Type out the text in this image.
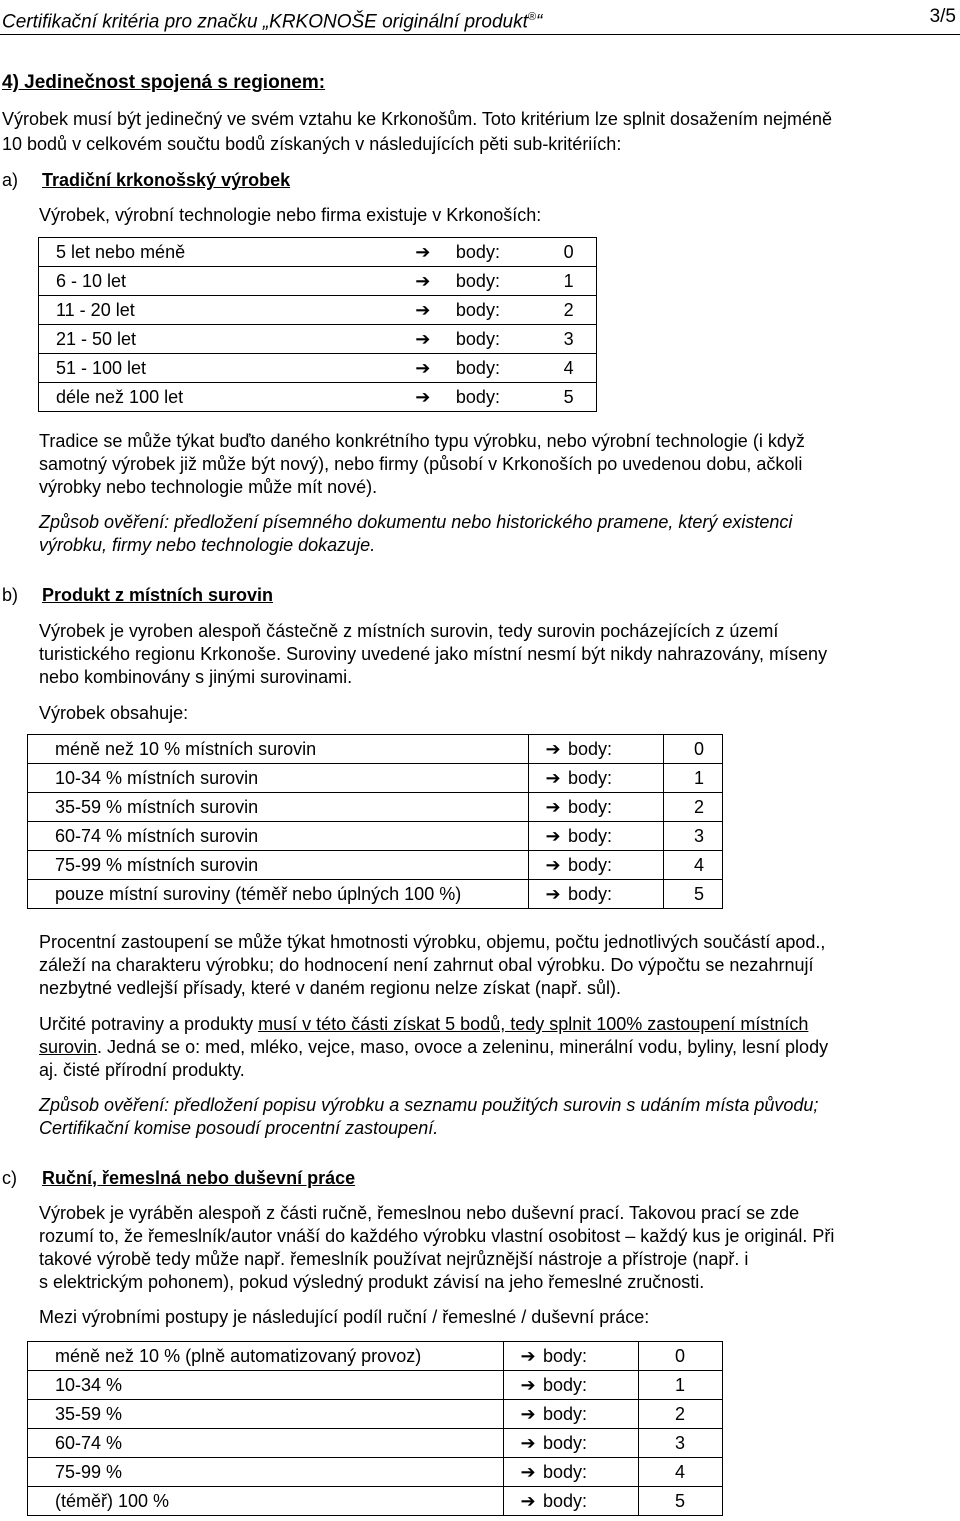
Certifikační kritéria pro značku „KRKONOŠE originální produkt®“	3/5
4) Jedinečnost spojená s regionem:
Výrobek musí být jedinečný ve svém vztahu ke Krkonošům. Toto kritérium lze splnit dosažením nejméně
10 bodů v celkovém součtu bodů získaných v následujících pěti sub-kritériích:
a) Tradiční krkonošský výrobek
Výrobek, výrobní technologie nebo firma existuje v Krkonoších:
5 let nebo méně	➔	body:	0
6 - 10 let	➔	body:	1
11 - 20 let	➔	body:	2
21 - 50 let	➔	body:	3
51 - 100 let	➔	body:	4
déle než 100 let	➔	body:	5
Tradice se může týkat buďto daného konkrétního typu výrobku, nebo výrobní technologie (i když
samotný výrobek již může být nový), nebo firmy (působí v Krkonoších po uvedenou dobu, ačkoli
výrobky nebo technologie může mít nové).
Způsob ověření: předložení písemného dokumentu nebo historického pramene, který existenci
výrobku, firmy nebo technologie dokazuje.
b) Produkt z místních surovin
Výrobek je vyroben alespoň částečně z místních surovin, tedy surovin pocházejících z území
turistického regionu Krkonoše. Suroviny uvedené jako místní nesmí být nikdy nahrazovány, míseny
nebo kombinovány s jinými surovinami.
Výrobek obsahuje:
méně než 10 % místních surovin	➔ body:	0
10-34 % místních surovin	➔ body:	1
35-59 % místních surovin	➔ body:	2
60-74 % místních surovin	➔ body:	3
75-99 % místních surovin	➔ body:	4
pouze místní suroviny (téměř nebo úplných 100 %)	➔ body:	5
Procentní zastoupení se může týkat hmotnosti výrobku, objemu, počtu jednotlivých součástí apod.,
záleží na charakteru výrobku; do hodnocení není zahrnut obal výrobku. Do výpočtu se nezahrnují
nezbytné vedlejší přísady, které v daném regionu nelze získat (např. sůl).
Určité potraviny a produkty musí v této části získat 5 bodů, tedy splnit 100% zastoupení místních
surovin. Jedná se o: med, mléko, vejce, maso, ovoce a zeleninu, minerální vodu, byliny, lesní plody
aj. čisté přírodní produkty.
Způsob ověření: předložení popisu výrobku a seznamu použitých surovin s udáním místa původu;
Certifikační komise posoudí procentní zastoupení.
c) Ruční, řemeslná nebo duševní práce
Výrobek je vyráběn alespoň z části ručně, řemeslnou nebo duševní prací. Takovou prací se zde
rozumí to, že řemeslník/autor vnáší do každého výrobku vlastní osobitost – každý kus je originál. Při
takové výrobě tedy může např. řemeslník používat nejrůznější nástroje a přístroje (např. i
s elektrickým pohonem), pokud výsledný produkt závisí na jeho řemeslné zručnosti.
Mezi výrobními postupy je následující podíl ruční / řemeslné / duševní práce:
méně než 10 % (plně automatizovaný provoz)	➔ body:	0
10-34 %	➔ body:	1
35-59 %	➔ body:	2
60-74 %	➔ body:	3
75-99 %	➔ body:	4
(téměř) 100 %	➔ body:	5
